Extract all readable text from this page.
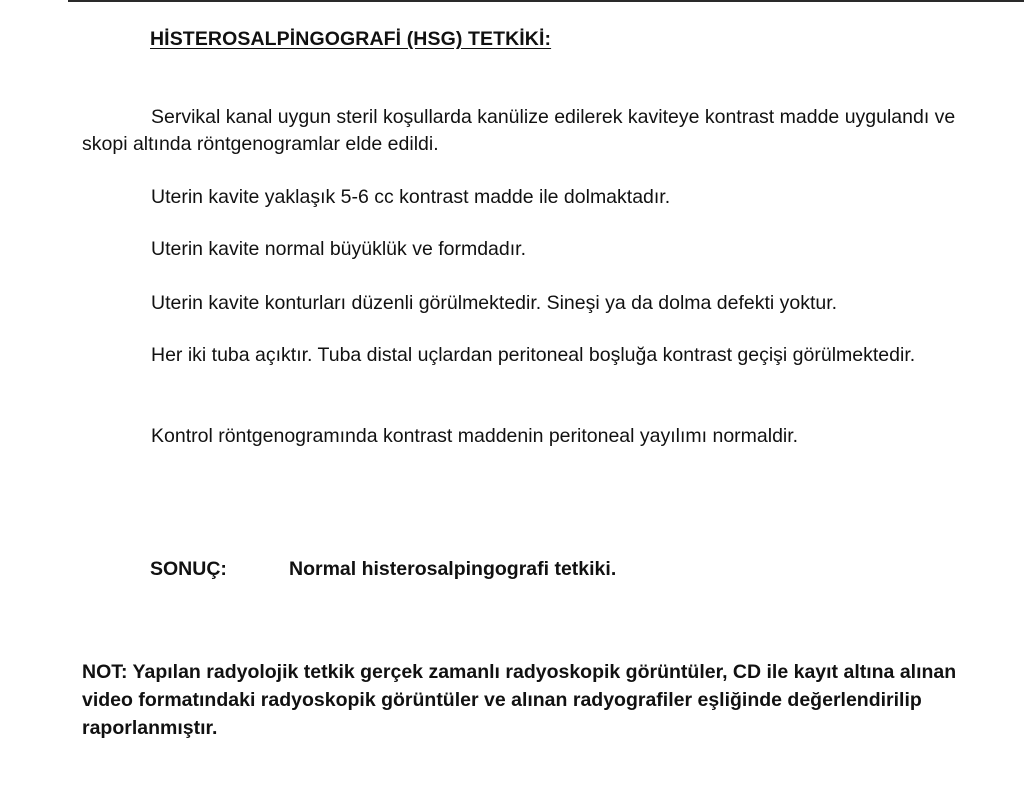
HİSTEROSALPİNGOGRAFİ (HSG) TETKİKİ:
Servikal kanal uygun steril koşullarda kanülize edilerek kaviteye kontrast madde uygulandı ve skopi altında röntgenogramlar elde edildi.
Uterin kavite yaklaşık 5-6 cc kontrast madde ile dolmaktadır.
Uterin kavite normal büyüklük ve formdadır.
Uterin kavite konturları düzenli görülmektedir. Sineşi ya da dolma defekti yoktur.
Her iki tuba açıktır. Tuba distal uçlardan peritoneal boşluğa kontrast geçişi görülmektedir.
Kontrol röntgenogramında kontrast maddenin peritoneal yayılımı normaldir.
SONUÇ:	Normal histerosalpingografi tetkiki.
NOT: Yapılan radyolojik tetkik gerçek zamanlı radyoskopik görüntüler, CD ile kayıt altına alınan video formatındaki radyoskopik görüntüler ve alınan radyografiler eşliğinde değerlendirilip raporlanmıştır.
